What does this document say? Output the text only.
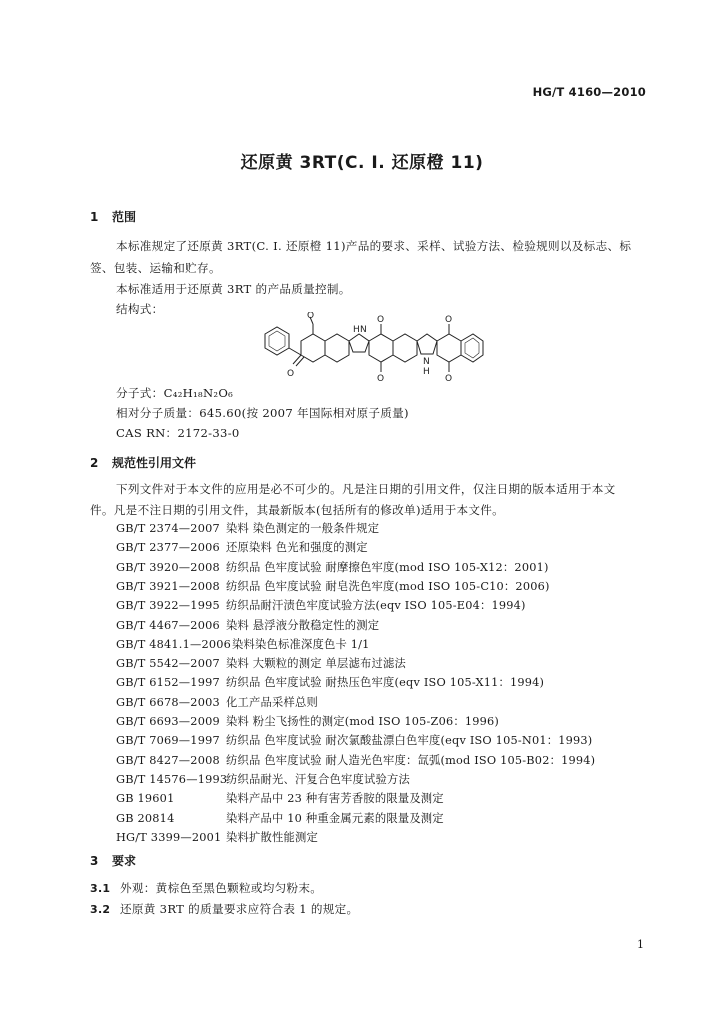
HG/T 4160—2010
还原黄 3RT(C. I. 还原橙 11)
1 范围
本标准规定了还原黄 3RT(C. I. 还原橙 11)产品的要求、采样、试验方法、检验规则以及标志、标
签、包装、运输和贮存。
本标准适用于还原黄 3RT 的产品质量控制。
结构式：	O
O
O
O
O
O
H N
N
H
分子式：C₄₂H₁₈N₂O₆
相对分子质量：645.60(按 2007 年国际相对原子质量)
CAS RN：2172-33-0
2 规范性引用文件
下列文件对于本文件的应用是必不可少的。凡是注日期的引用文件，仅注日期的版本适用于本文
件。凡是不注日期的引用文件，其最新版本(包括所有的修改单)适用于本文件。
GB/T 2374—2007 染料 染色测定的一般条件规定
GB/T 2377—2006 还原染料 色光和强度的测定
GB/T 3920—2008 纺织品 色牢度试验 耐摩擦色牢度(mod ISO 105-X12：2001)
GB/T 3921—2008 纺织品 色牢度试验 耐皂洗色牢度(mod ISO 105-C10：2006)
GB/T 3922—1995 纺织品耐汗渍色牢度试验方法(eqv ISO 105-E04：1994)
GB/T 4467—2006 染料 悬浮液分散稳定性的测定
GB/T 4841.1—2006染料染色标准深度色卡 1/1
GB/T 5542—2007 染料 大颗粒的测定 单层滤布过滤法
GB/T 6152—1997 纺织品 色牢度试验 耐热压色牢度(eqv ISO 105-X11：1994)
GB/T 6678—2003 化工产品采样总则
GB/T 6693—2009 染料 粉尘飞扬性的测定(mod ISO 105-Z06：1996)
GB/T 7069—1997 纺织品 色牢度试验 耐次氯酸盐漂白色牢度(eqv ISO 105-N01：1993)
GB/T 8427—2008 纺织品 色牢度试验 耐人造光色牢度：氙弧(mod ISO 105-B02：1994)
GB/T 14576—1993纺织品耐光、汗复合色牢度试验方法
GB 19601	染料产品中 23 种有害芳香胺的限量及测定
GB 20814	染料产品中 10 种重金属元素的限量及测定
HG/T 3399—2001 染料扩散性能测定
3 要求
3.1 外观：黄棕色至黑色颗粒或均匀粉末。
3.2 还原黄 3RT 的质量要求应符合表 1 的规定。
1
